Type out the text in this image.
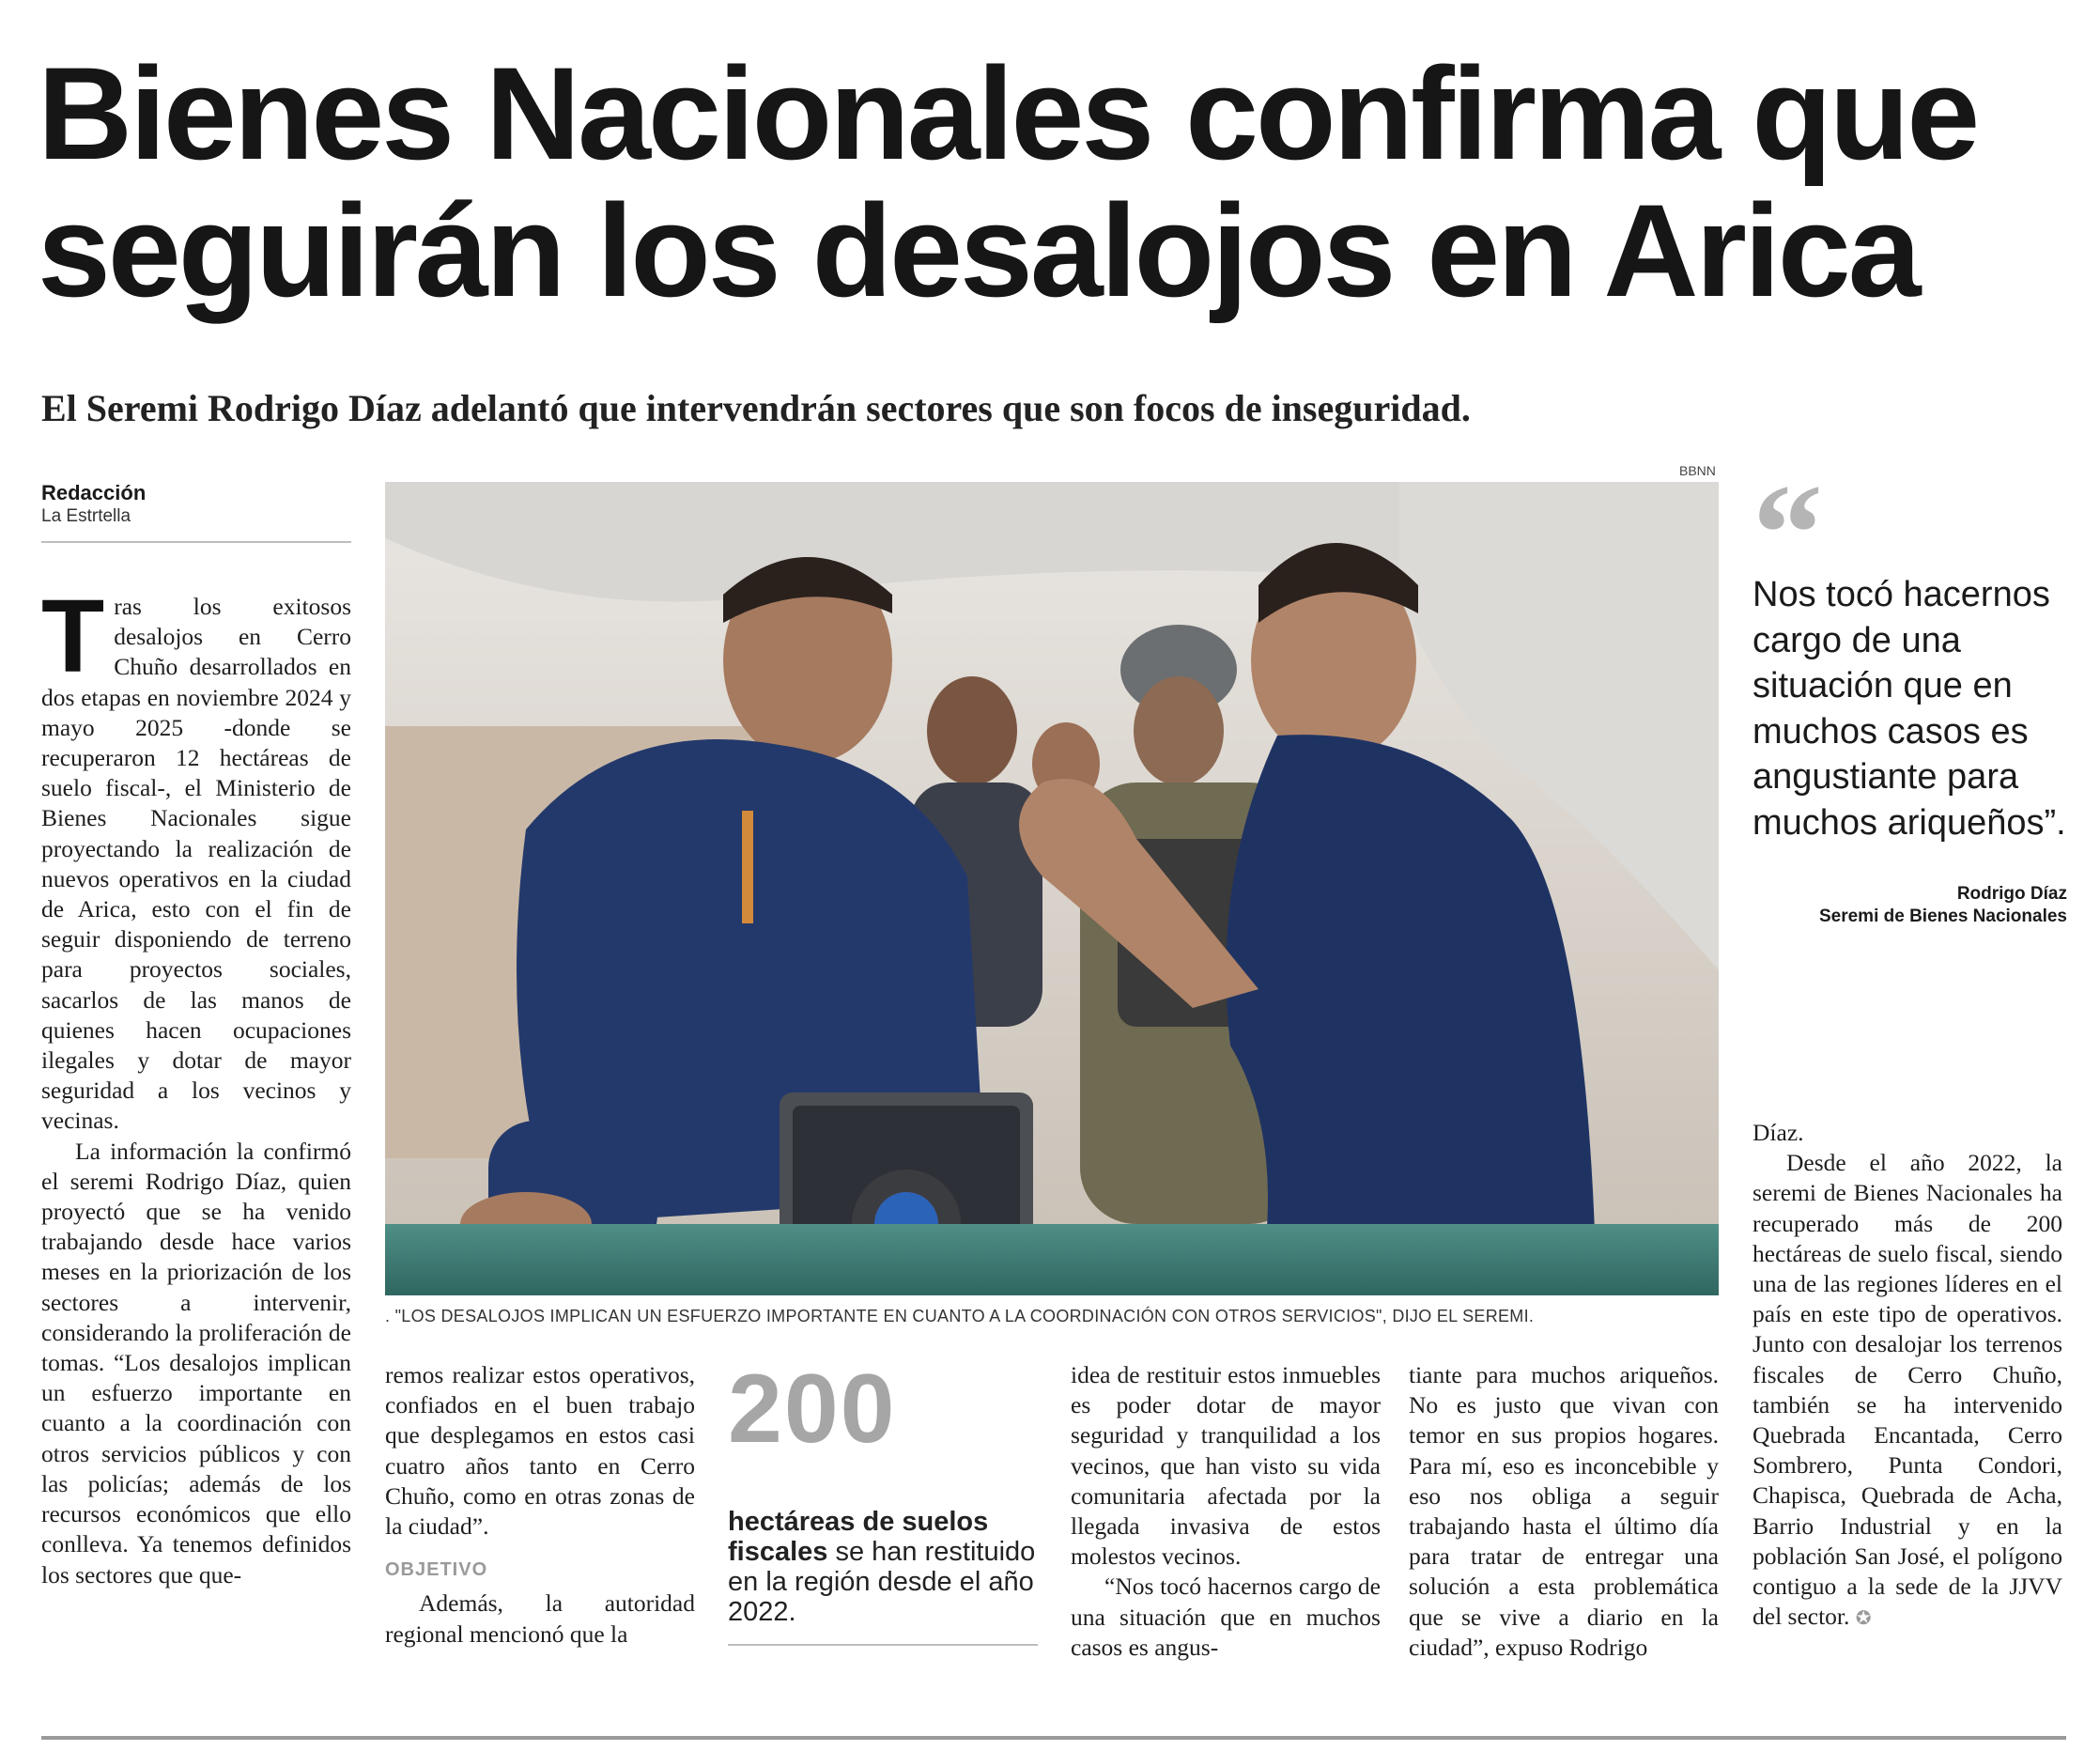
Bienes Nacionales confirma que
seguirán los desalojos en Arica
El Seremi Rodrigo Díaz adelantó que intervendrán sectores que son focos de inseguridad.
Redacción
La Estrtella
BBNN
. "LOS DESALOJOS IMPLICAN UN ESFUERZO IMPORTANTE EN CUANTO A LA COORDINACIÓN CON OTROS SERVICIOS", DIJO EL SEREMI.

Tras los exitosos desalojos en Cerro Chuño desarrollados en dos etapas en noviembre 2024 y mayo 2025 -donde se recuperaron 12 hectáreas de suelo fiscal-, el Ministerio de Bienes Nacionales sigue proyectando la realización de nuevos operativos en la ciudad de Arica, esto con el fin de seguir disponiendo de terreno para proyectos sociales, sacarlos de las manos de quienes hacen ocupaciones ilegales y dotar de mayor seguridad a los vecinos y vecinas.

La información la confirmó el seremi Rodrigo Díaz, quien proyectó que se ha venido trabajando desde hace varios meses en la priorización de los sectores a intervenir, considerando la proliferación de tomas. “Los desalojos implican un esfuerzo importante en cuanto a la coordinación con otros servicios públicos y con las policías; además de los recursos económicos que ello conlleva. Ya tenemos definidos los sectores que que-

remos realizar estos operativos, confiados en el buen trabajo que desplegamos en estos casi cuatro años tanto en Cerro Chuño, como en otras zonas de la ciudad”.

OBJETIVO

Además, la autoridad regional mencionó que la

200
hectáreas de suelos fiscales se han restituido en la región desde el año 2022.

idea de restituir estos inmuebles es poder dotar de mayor seguridad y tranquilidad a los vecinos, que han visto su vida comunitaria afectada por la llegada invasiva de estos molestos vecinos.

“Nos tocó hacernos cargo de una situación que en muchos casos es angus-

tiante para muchos ariqueños. No es justo que vivan con temor en sus propios hogares. Para mí, eso es inconcebible y eso nos obliga a seguir trabajando hasta el último día para tratar de entregar una solución a esta problemática que se vive a diario en la ciudad”, expuso Rodrigo

“
Nos tocó hacernos cargo de una situación que en muchos casos es angustiante para muchos ariqueños”.
Rodrigo Díaz
Seremi de Bienes Nacionales

Díaz.

Desde el año 2022, la seremi de Bienes Nacionales ha recuperado más de 200 hectáreas de suelo fiscal, siendo una de las regiones líderes en el país en este tipo de operativos. Junto con desalojar los terrenos fiscales de Cerro Chuño, también se ha intervenido Quebrada Encantada, Cerro Sombrero, Punta Condori, Chapisca, Quebrada de Acha, Barrio Industrial y en la población San José, el polígono contiguo a la sede de la JJVV del sector. ✪
